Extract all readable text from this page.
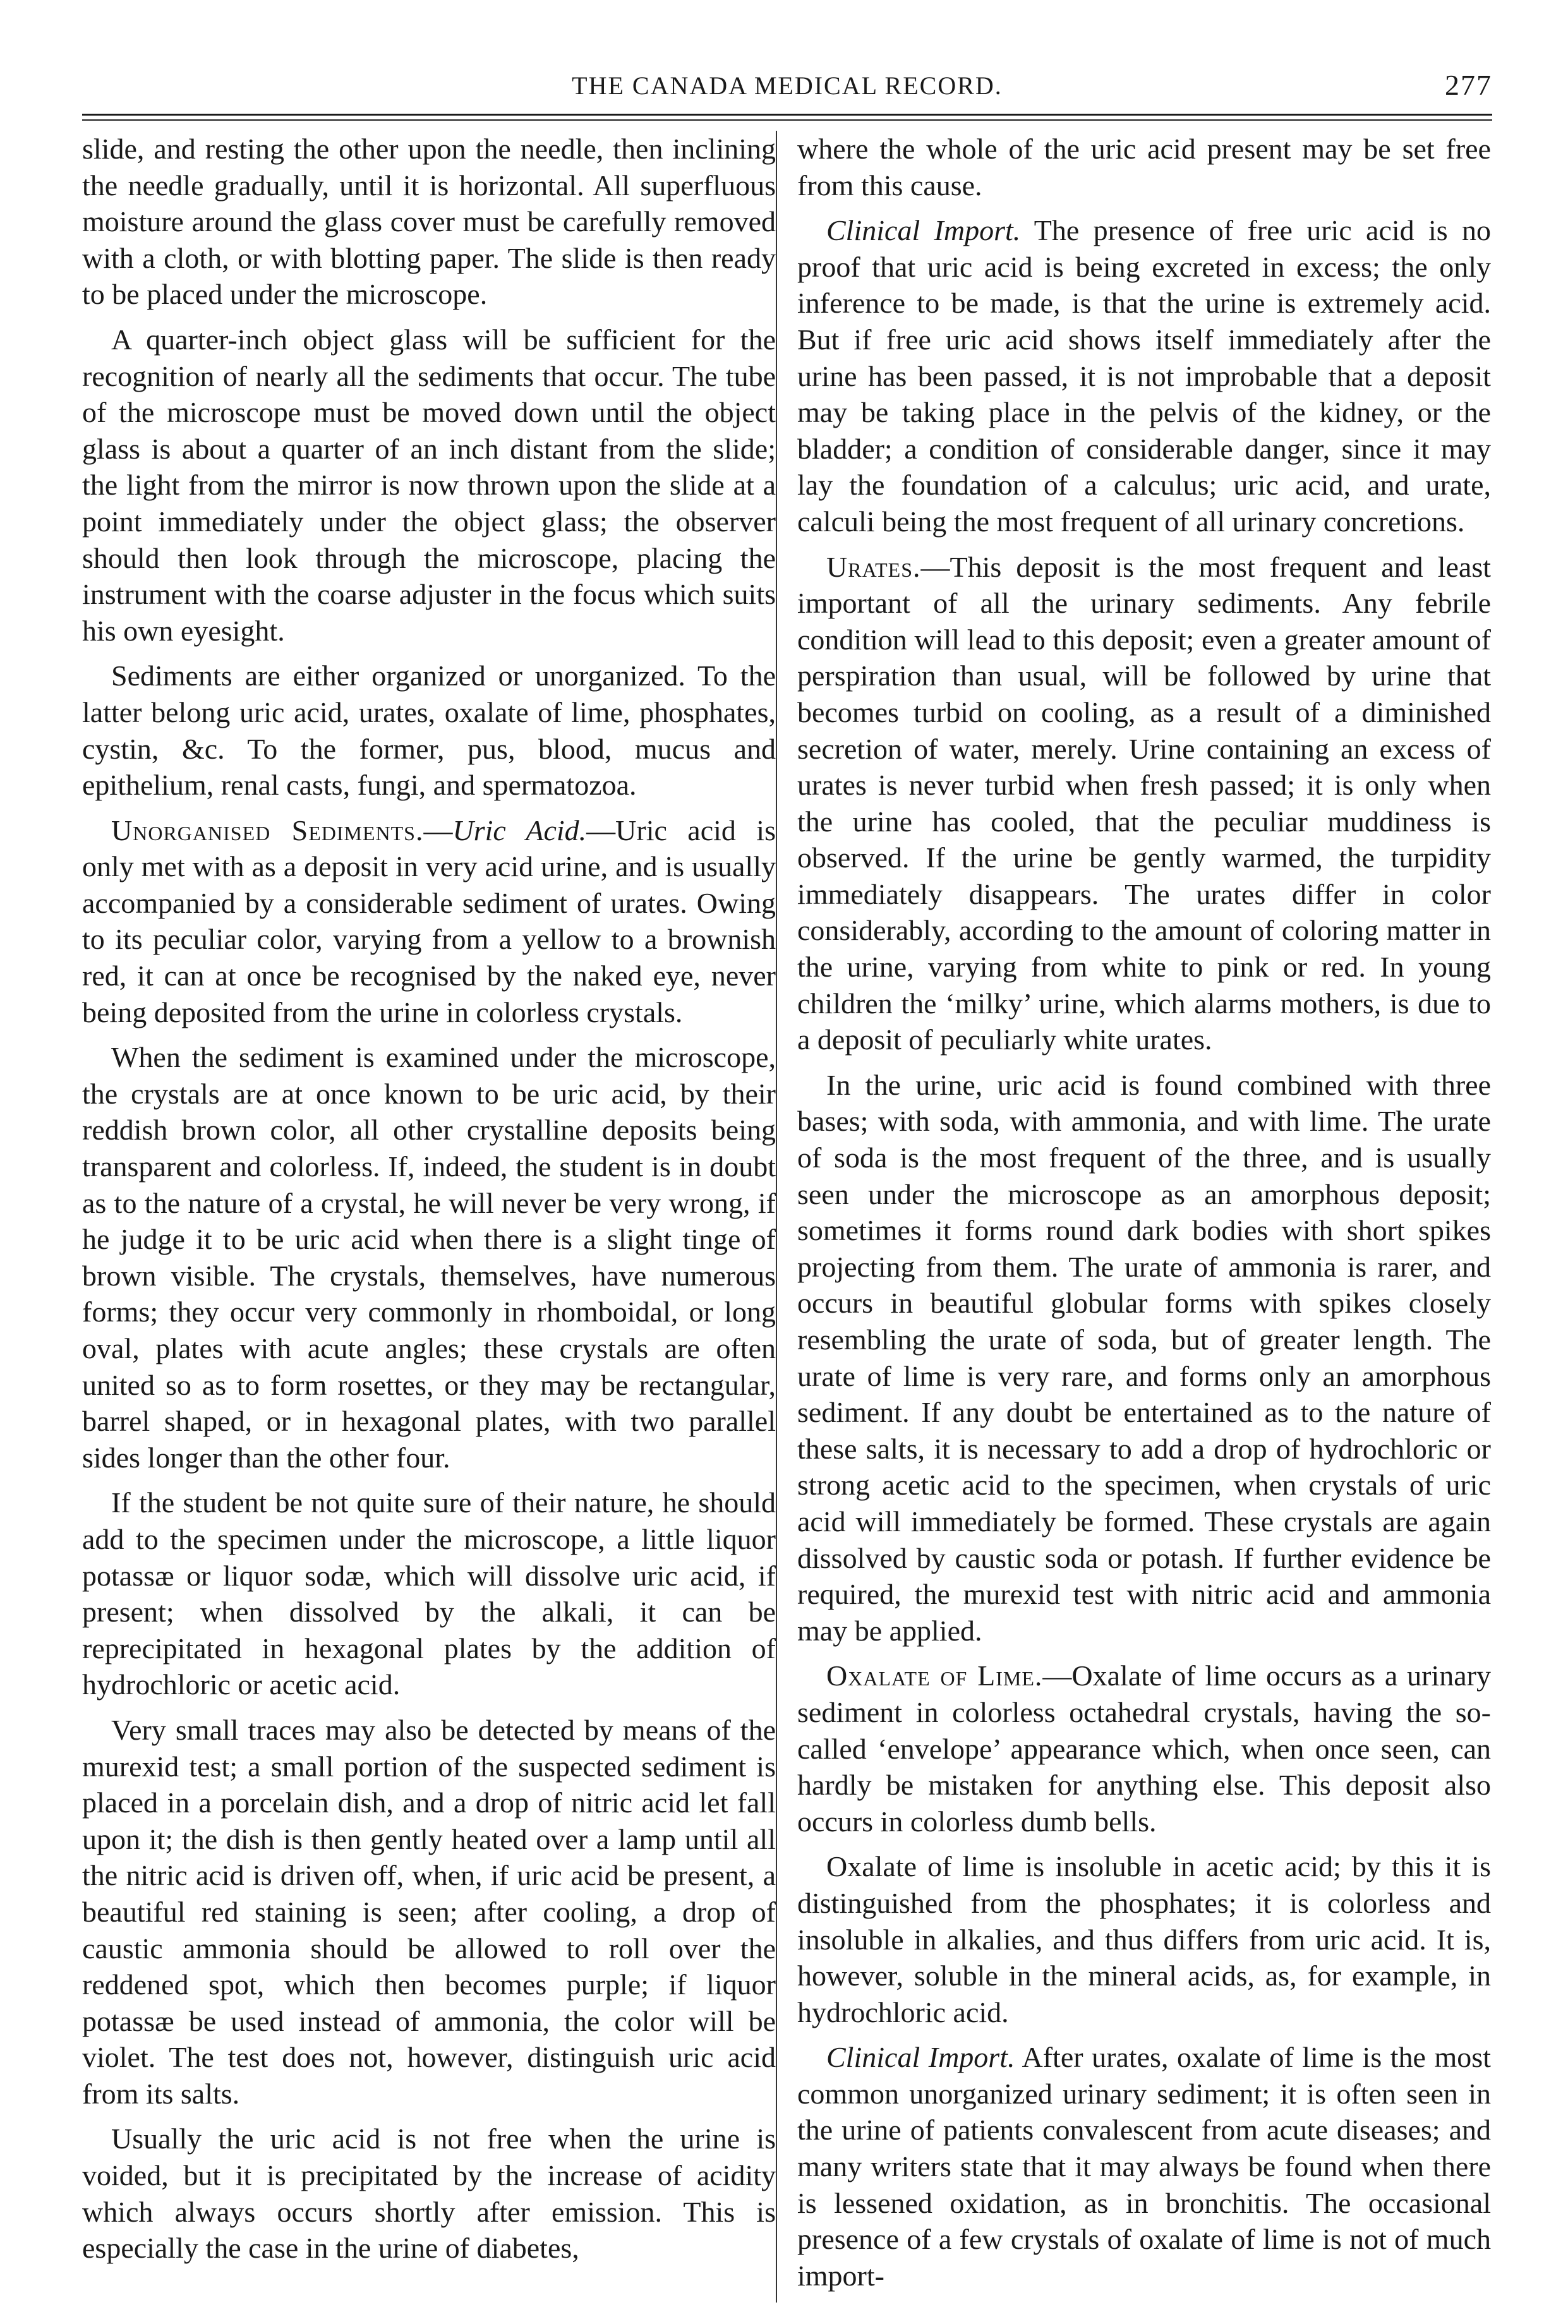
THE CANADA MEDICAL RECORD.	277

slide, and resting the other upon the needle, then inclining the needle gradually, until it is horizontal. All superfluous moisture around the glass cover must be carefully removed with a cloth, or with blotting paper. The slide is then ready to be placed under the microscope.

A quarter-inch object glass will be sufficient for the recognition of nearly all the sediments that occur. The tube of the microscope must be moved down until the object glass is about a quarter of an inch distant from the slide; the light from the mirror is now thrown upon the slide at a point immediately under the object glass; the observer should then look through the microscope, placing the instrument with the coarse adjuster in the focus which suits his own eyesight.

Sediments are either organized or unorganized. To the latter belong uric acid, urates, oxalate of lime, phosphates, cystin, &c. To the former, pus, blood, mucus and epithelium, renal casts, fungi, and spermatozoa.

Unorganised Sediments.—Uric Acid.—Uric acid is only met with as a deposit in very acid urine, and is usually accompanied by a considerable sediment of urates. Owing to its peculiar color, varying from a yellow to a brownish red, it can at once be recognised by the naked eye, never being deposited from the urine in colorless crystals.

When the sediment is examined under the microscope, the crystals are at once known to be uric acid, by their reddish brown color, all other crystalline deposits being transparent and colorless. If, indeed, the student is in doubt as to the nature of a crystal, he will never be very wrong, if he judge it to be uric acid when there is a slight tinge of brown visible. The crystals, themselves, have numerous forms; they occur very commonly in rhomboidal, or long oval, plates with acute angles; these crystals are often united so as to form rosettes, or they may be rectangular, barrel shaped, or in hexagonal plates, with two parallel sides longer than the other four.

If the student be not quite sure of their nature, he should add to the specimen under the microscope, a little liquor potassæ or liquor sodæ, which will dissolve uric acid, if present; when dissolved by the alkali, it can be reprecipitated in hexagonal plates by the addition of hydrochloric or acetic acid.

Very small traces may also be detected by means of the murexid test; a small portion of the suspected sediment is placed in a porcelain dish, and a drop of nitric acid let fall upon it; the dish is then gently heated over a lamp until all the nitric acid is driven off, when, if uric acid be present, a beautiful red staining is seen; after cooling, a drop of caustic ammonia should be allowed to roll over the reddened spot, which then becomes purple; if liquor potassæ be used instead of ammonia, the color will be violet. The test does not, however, distinguish uric acid from its salts.

Usually the uric acid is not free when the urine is voided, but it is precipitated by the increase of acidity which always occurs shortly after emission. This is especially the case in the urine of diabetes,

where the whole of the uric acid present may be set free from this cause.

Clinical Import. The presence of free uric acid is no proof that uric acid is being excreted in excess; the only inference to be made, is that the urine is extremely acid. But if free uric acid shows itself immediately after the urine has been passed, it is not improbable that a deposit may be taking place in the pelvis of the kidney, or the bladder; a condition of considerable danger, since it may lay the foundation of a calculus; uric acid, and urate, calculi being the most frequent of all urinary concretions.

Urates.—This deposit is the most frequent and least important of all the urinary sediments. Any febrile condition will lead to this deposit; even a greater amount of perspiration than usual, will be followed by urine that becomes turbid on cooling, as a result of a diminished secretion of water, merely. Urine containing an excess of urates is never turbid when fresh passed; it is only when the urine has cooled, that the peculiar muddiness is observed. If the urine be gently warmed, the turpidity immediately disappears. The urates differ in color considerably, according to the amount of coloring matter in the urine, varying from white to pink or red. In young children the ‘milky’ urine, which alarms mothers, is due to a deposit of peculiarly white urates.

In the urine, uric acid is found combined with three bases; with soda, with ammonia, and with lime. The urate of soda is the most frequent of the three, and is usually seen under the microscope as an amorphous deposit; sometimes it forms round dark bodies with short spikes projecting from them. The urate of ammonia is rarer, and occurs in beautiful globular forms with spikes closely resembling the urate of soda, but of greater length. The urate of lime is very rare, and forms only an amorphous sediment. If any doubt be entertained as to the nature of these salts, it is necessary to add a drop of hydrochloric or strong acetic acid to the specimen, when crystals of uric acid will immediately be formed. These crystals are again dissolved by caustic soda or potash. If further evidence be required, the murexid test with nitric acid and ammonia may be applied.

Oxalate of Lime.—Oxalate of lime occurs as a urinary sediment in colorless octahedral crystals, having the so-called ‘envelope’ appearance which, when once seen, can hardly be mistaken for anything else. This deposit also occurs in colorless dumb bells.

Oxalate of lime is insoluble in acetic acid; by this it is distinguished from the phosphates; it is colorless and insoluble in alkalies, and thus differs from uric acid. It is, however, soluble in the mineral acids, as, for example, in hydrochloric acid.

Clinical Import. After urates, oxalate of lime is the most common unorganized urinary sediment; it is often seen in the urine of patients convalescent from acute diseases; and many writers state that it may always be found when there is lessened oxidation, as in bronchitis. The occasional presence of a few crystals of oxalate of lime is not of much import-
